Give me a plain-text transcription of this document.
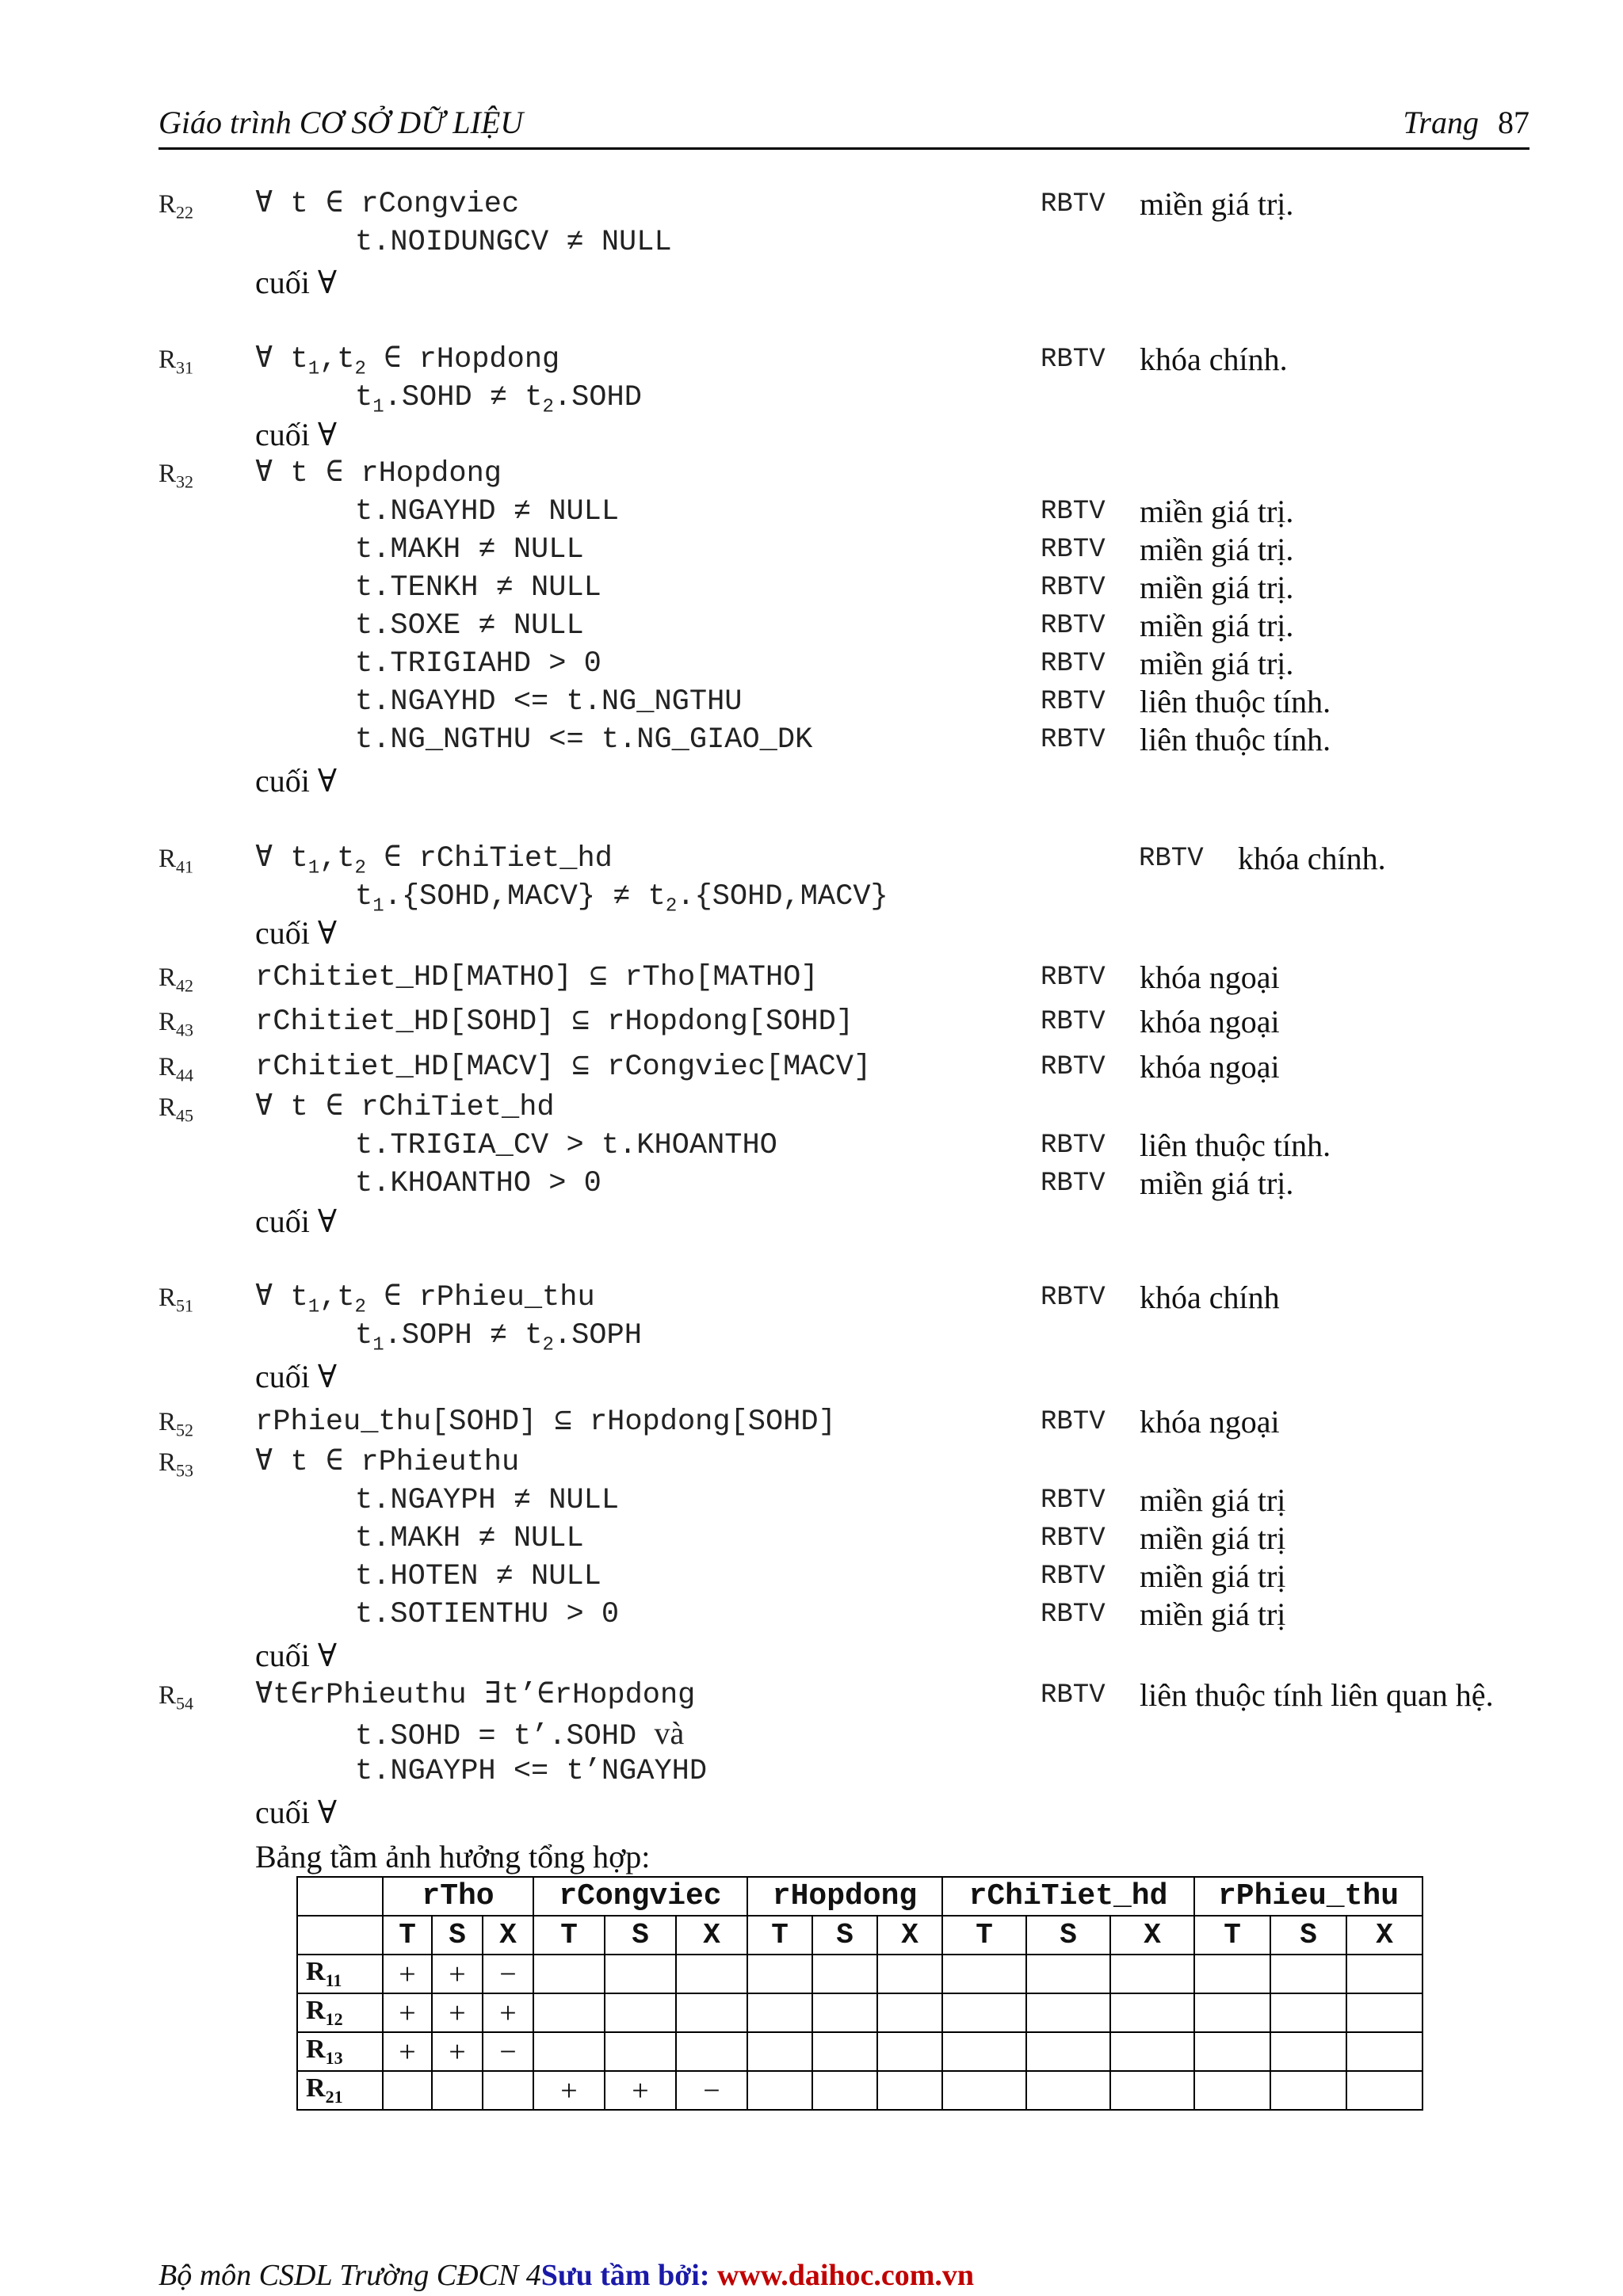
Giáo trình CƠ SỞ DỮ LIỆU	Trang 87
$R_{22}$ ∀ t ∈ rCongviec	RBTV miền giá trị.
t.NOIDUNGCV ≠ NULL
cuối ∀
$R_{31}$ ∀ $t_1,t_2$ ∈ rHopdong	RBTV khóa chính.
$t_1.SOHD$ ≠ $t_2.SOHD$
cuối ∀
$R_{32}$ ∀ t ∈ rHopdong
t.NGAYHD ≠ NULL	RBTV miền giá trị.
t.MAKH ≠ NULL	RBTV miền giá trị.
t.TENKH ≠ NULL	RBTV miền giá trị.
t.SOXE ≠ NULL	RBTV miền giá trị.
t.TRIGIAHD > 0	RBTV miền giá trị.
t.NGAYHD <= t.NG_NGTHU	RBTV liên thuộc tính.
t.NG_NGTHU <= t.NG_GIAO_DK	RBTV liên thuộc tính.
cuối ∀
$R_{41}$ ∀ $t_1,t_2$ ∈ rChiTiet_hd	RBTV khóa chính.
$t_1.\{SOHD,MACV\}$ ≠ $t_2.\{SOHD,MACV\}$
cuối ∀
$R_{42}$ rChitiet_HD[MATHO] ⊆ rTho[MATHO]	RBTV khóa ngoại
$R_{43}$ rChitiet_HD[SOHD] ⊆ rHopdong[SOHD]	RBTV khóa ngoại
$R_{44}$ rChitiet_HD[MACV] ⊆ rCongviec[MACV]	RBTV khóa ngoại
$R_{45}$ ∀ t ∈ rChiTiet_hd
t.TRIGIA_CV > t.KHOANTHO	RBTV liên thuộc tính.
t.KHOANTHO > 0	RBTV miền giá trị.
cuối ∀
$R_{51}$ ∀ $t_1,t_2$ ∈ rPhieu_thu	RBTV khóa chính
$t_1.SOPH$ ≠ $t_2.SOPH$
cuối ∀
$R_{52}$ rPhieu_thu[SOHD] ⊆ rHopdong[SOHD]	RBTV khóa ngoại
$R_{53}$ ∀ t ∈ rPhieuthu
t.NGAYPH ≠ NULL	RBTV miền giá trị
t.MAKH ≠ NULL	RBTV miền giá trị
t.HOTEN ≠ NULL	RBTV miền giá trị
t.SOTIENTHU > 0	RBTV miền giá trị
cuối ∀
$R_{54}$ ∀t∈rPhieuthu ∃t’∈rHopdong	RBTV liên thuộc tính liên quan hệ.
t.SOHD = t’.SOHD và
t.NGAYPH <= t’NGAYHD
cuối ∀
Bảng tầm ảnh hưởng tổng hợp:
	rTho			rCongviec			rHopdong			rChiTiet_hd			rPhieu_thu		
	T	S	X	T	S	X	T	S	X	T	S	X	T	S	X
$R_{11}$	+	+	−												
$R_{12}$	+	+	+												
$R_{13}$	+	+	−												
$R_{21}$				+	+	−									
Bộ môn CSDL Trường CĐCN 4Sưu tầm bởi: www.daihoc.com.vn
